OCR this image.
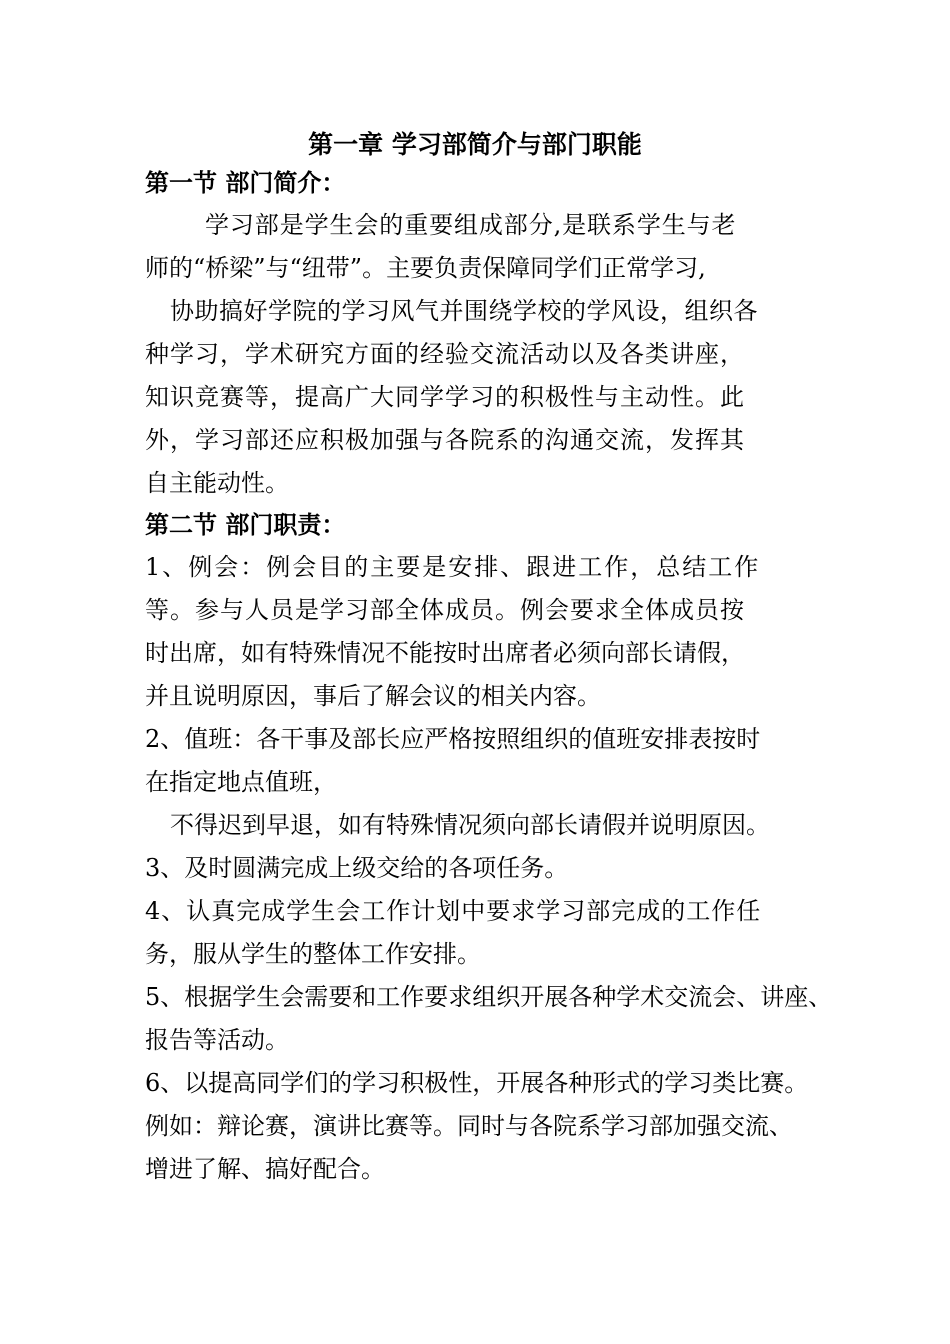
第一章 学习部简介与部门职能
第一节 部门简介：
学习部是学生会的重要组成部分,是联系学生与老
师的“桥梁”与“纽带”。主要负责保障同学们正常学习,
协助搞好学院的学习风气并围绕学校的学风设，组织各
种学习，学术研究方面的经验交流活动以及各类讲座，
知识竞赛等，提高广大同学学习的积极性与主动性。此
外，学习部还应积极加强与各院系的沟通交流，发挥其
自主能动性。
第二节 部门职责：
1、例会：例会目的主要是安排、跟进工作，总结工作
等。参与人员是学习部全体成员。例会要求全体成员按
时出席，如有特殊情况不能按时出席者必须向部长请假，
并且说明原因，事后了解会议的相关内容。
2、值班：各干事及部长应严格按照组织的值班安排表按时
在指定地点值班，
不得迟到早退，如有特殊情况须向部长请假并说明原因。
3、及时圆满完成上级交给的各项任务。
4、认真完成学生会工作计划中要求学习部完成的工作任
务，服从学生的整体工作安排。
5、根据学生会需要和工作要求组织开展各种学术交流会、讲座、
报告等活动。
6、以提高同学们的学习积极性，开展各种形式的学习类比赛。
例如：辩论赛，演讲比赛等。同时与各院系学习部加强交流、
增进了解、搞好配合。
